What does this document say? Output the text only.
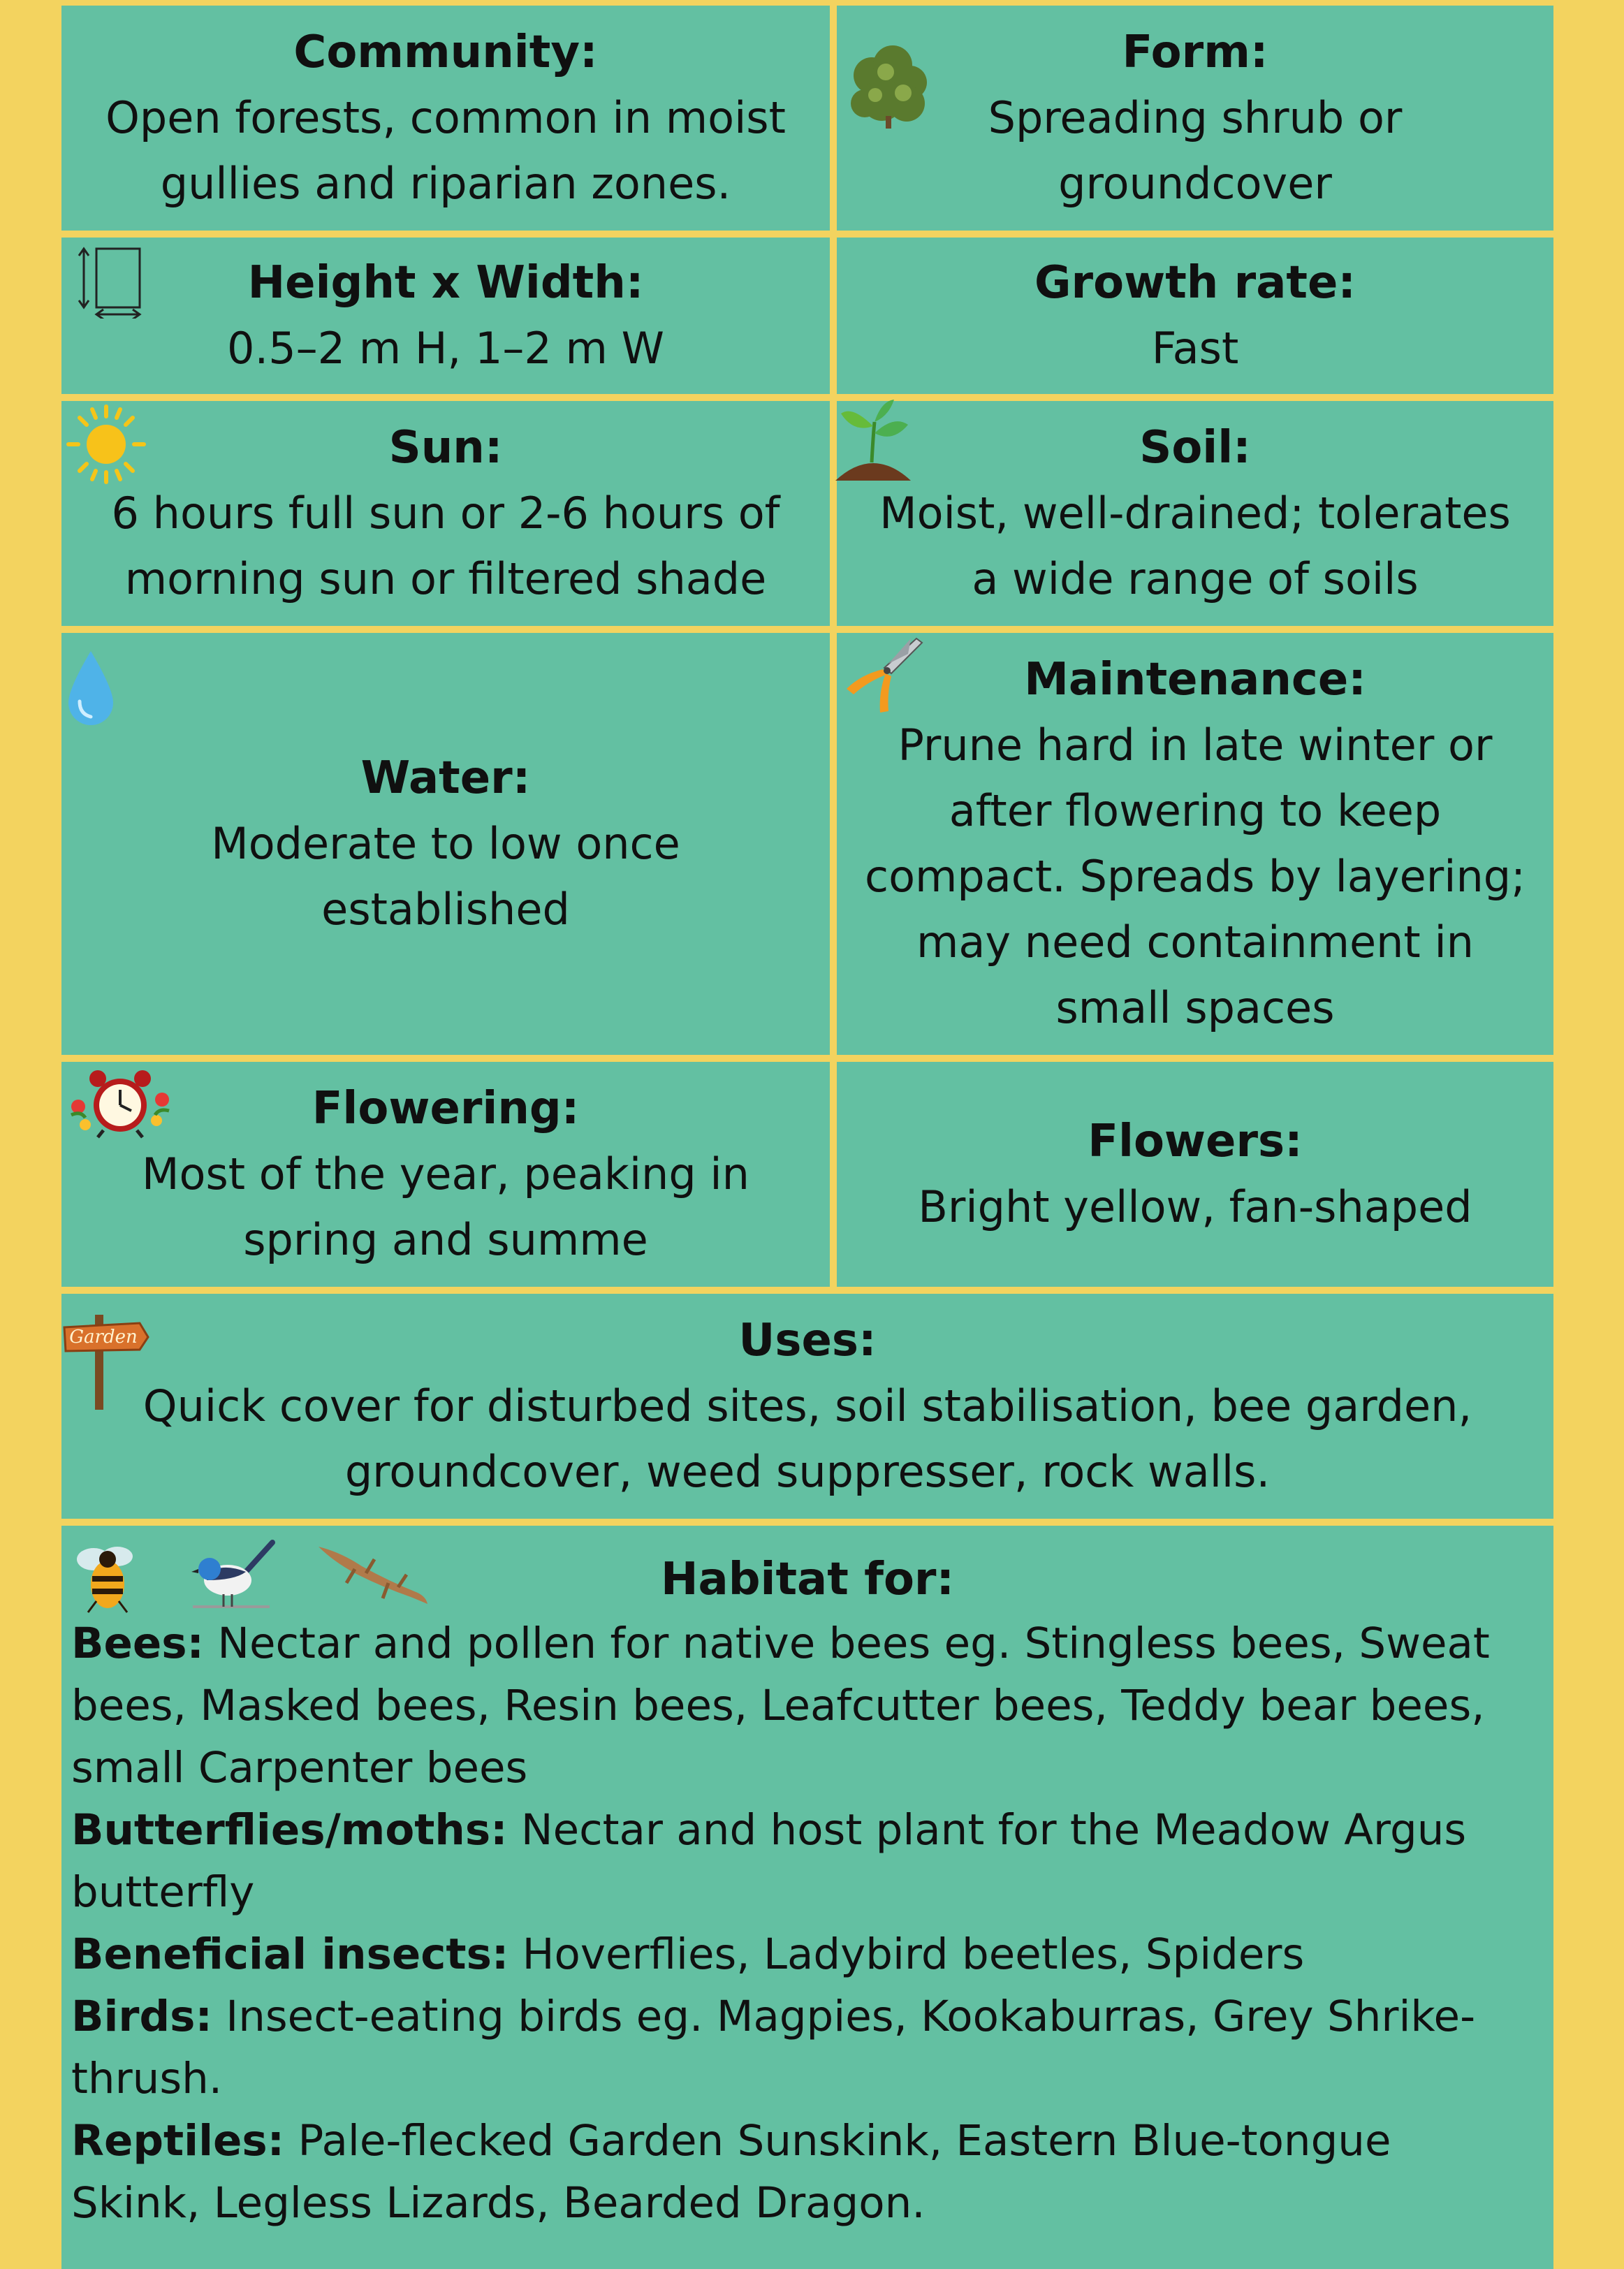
Community:
Open forests, common in moist
gullies and riparian zones.
Form:
Spreading shrub or
groundcover
Height x Width:
0.5–2 m H, 1–2 m W
Growth rate:
Fast
Sun:
6 hours full sun or 2-6 hours of
morning sun or filtered shade
Soil:
Moist, well-drained; tolerates
a wide range of soils
Water:
Moderate to low once
established
Maintenance:
Prune hard in late winter or
after flowering to keep
compact. Spreads by layering;
may need containment in
small spaces
Flowering:
Most of the year, peaking in
spring and summe
Flowers:
Bright yellow, fan-shaped
Uses:
Quick cover for disturbed sites, soil stabilisation, bee garden,
groundcover, weed suppresser, rock walls.
Garden
Habitat for:

Bees: Nectar and pollen for native bees eg. Stingless bees, Sweat
bees, Masked bees, Resin bees, Leafcutter bees, Teddy bear bees,
small Carpenter bees

Butterflies/moths: Nectar and host plant for the Meadow Argus
butterfly

Beneficial insects: Hoverflies, Ladybird beetles, Spiders

Birds: Insect-eating birds eg. Magpies, Kookaburras, Grey Shrike-
thrush.

Reptiles: Pale-flecked Garden Sunskink, Eastern Blue-tongue
Skink, Legless Lizards, Bearded Dragon.
